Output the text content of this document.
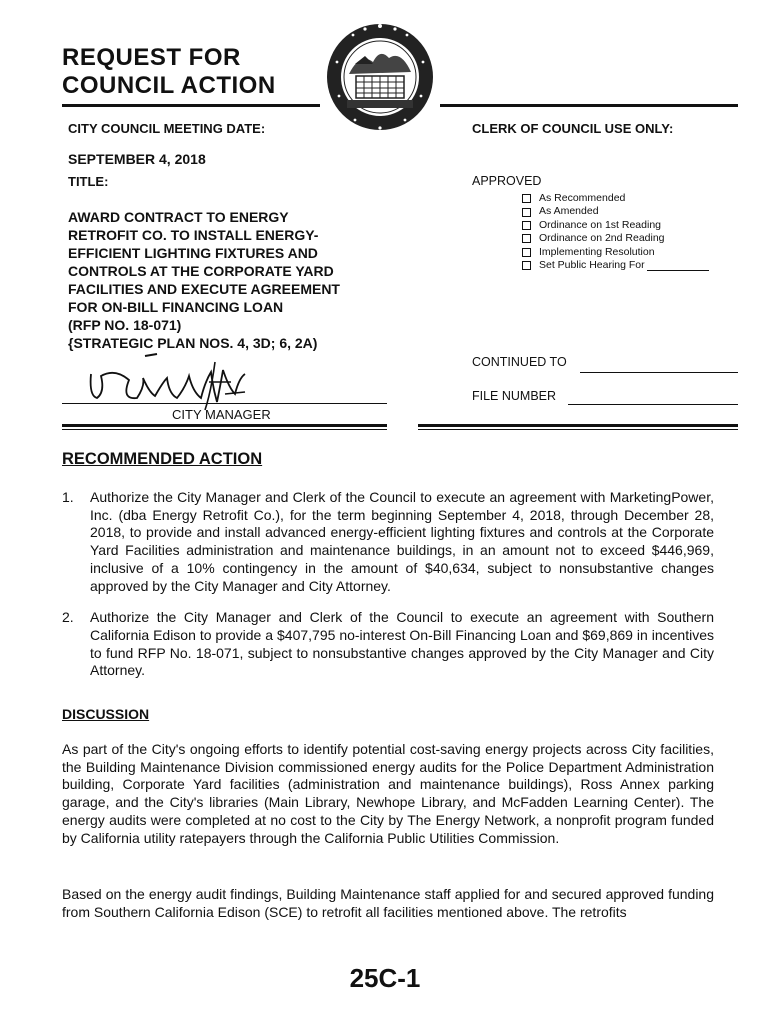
REQUEST FOR
COUNCIL ACTION
CITY COUNCIL MEETING DATE:
SEPTEMBER 4, 2018
TITLE:
CLERK OF COUNCIL USE ONLY:
APPROVED
As Recommended
As Amended
Ordinance on 1st Reading
Ordinance on 2nd Reading
Implementing Resolution
Set Public Hearing For
AWARD CONTRACT TO ENERGY
RETROFIT CO. TO INSTALL ENERGY-
EFFICIENT LIGHTING FIXTURES AND
CONTROLS AT THE CORPORATE YARD
FACILITIES AND EXECUTE AGREEMENT
FOR ON-BILL FINANCING LOAN
(RFP NO. 18-071)
{STRATEGIC PLAN NOS. 4, 3D; 6, 2A)
CONTINUED TO
FILE NUMBER
CITY MANAGER
RECOMMENDED ACTION
1.	Authorize the City Manager and Clerk of the Council to execute an agreement with MarketingPower, Inc. (dba Energy Retrofit Co.), for the term beginning September 4, 2018, through December 28, 2018, to provide and install advanced energy-efficient lighting fixtures and controls at the Corporate Yard Facilities administration and maintenance buildings, in an amount not to exceed $446,969, inclusive of a 10% contingency in the amount of $40,634, subject to nonsubstantive changes approved by the City Manager and City Attorney.
2.	Authorize the City Manager and Clerk of the Council to execute an agreement with Southern California Edison to provide a $407,795 no-interest On-Bill Financing Loan and $69,869 in incentives to fund RFP No. 18-071, subject to nonsubstantive changes approved by the City Manager and City Attorney.
DISCUSSION
As part of the City's ongoing efforts to identify potential cost-saving energy projects across City facilities, the Building Maintenance Division commissioned energy audits for the Police Department Administration building, Corporate Yard facilities (administration and maintenance buildings), Ross Annex parking garage, and the City's libraries (Main Library, Newhope Library, and McFadden Learning Center). The energy audits were completed at no cost to the City by The Energy Network, a nonprofit program funded by California utility ratepayers through the California Public Utilities Commission.
Based on the energy audit findings, Building Maintenance staff applied for and secured approved funding from Southern California Edison (SCE) to retrofit all facilities mentioned above. The retrofits
25C-1
